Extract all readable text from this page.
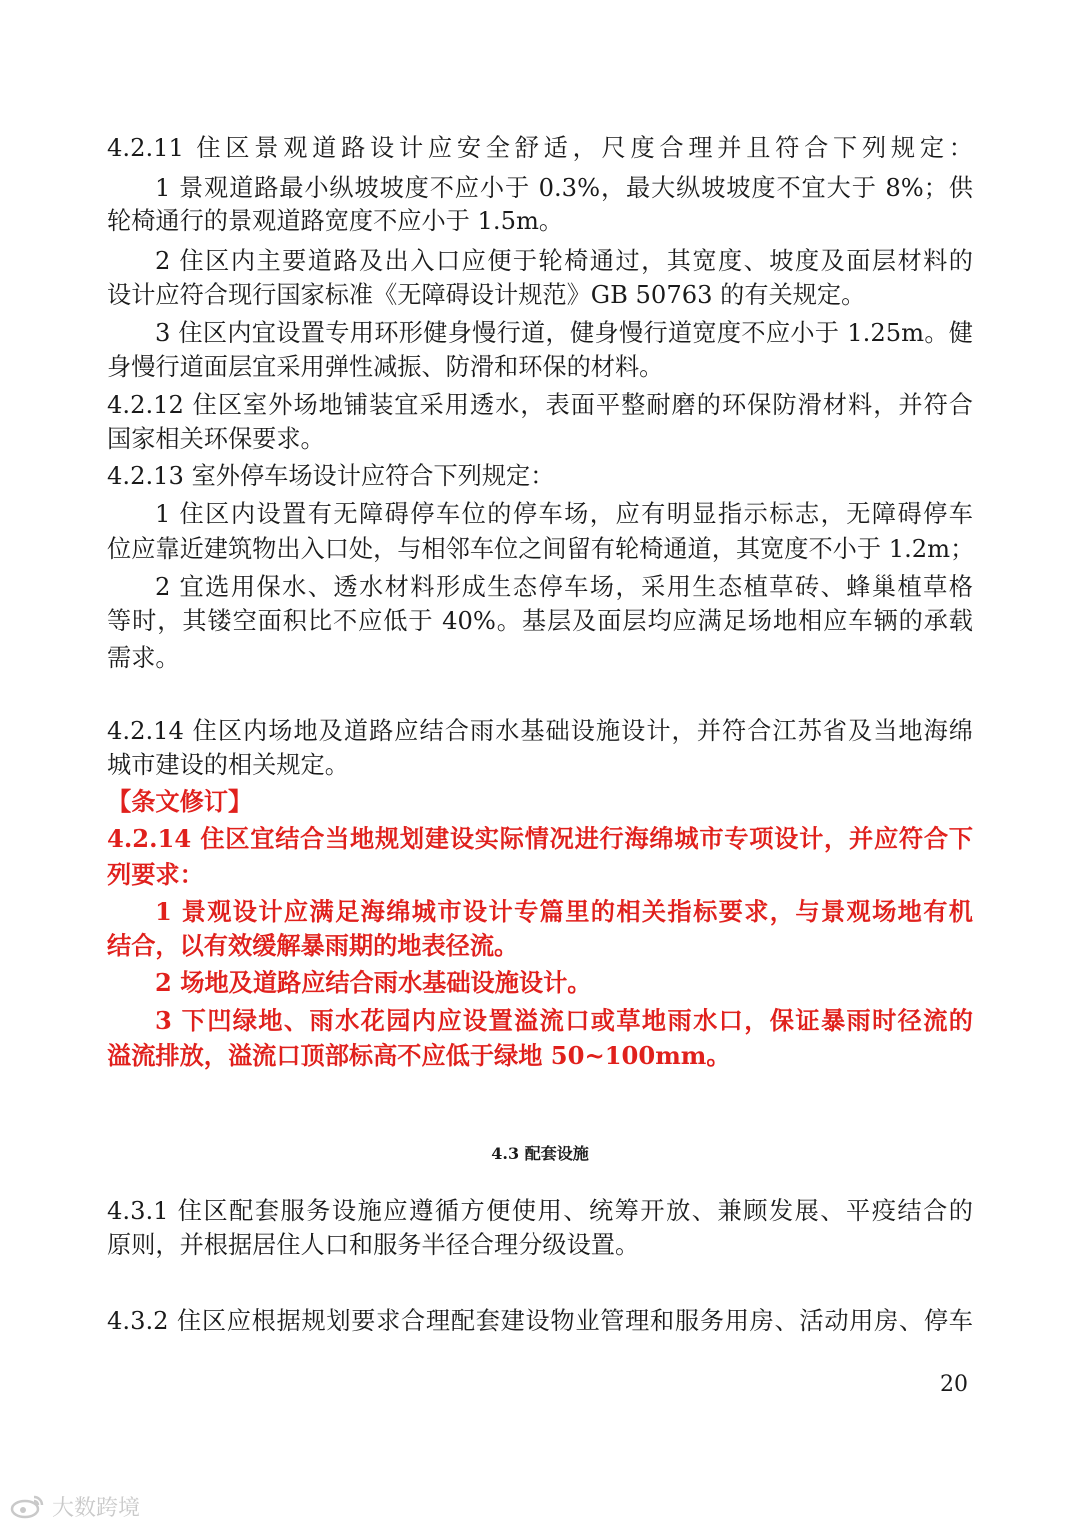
4.2.11 住区景观道路设计应安全舒适，尺度合理并且符合下列规定：
1 景观道路最小纵坡坡度不应小于 0.3%，最大纵坡坡度不宜大于 8%；供
轮椅通行的景观道路宽度不应小于 1.5m。
2 住区内主要道路及出入口应便于轮椅通过，其宽度、坡度及面层材料的
设计应符合现行国家标准《无障碍设计规范》GB 50763 的有关规定。
3 住区内宜设置专用环形健身慢行道，健身慢行道宽度不应小于 1.25m。健
身慢行道面层宜采用弹性减振、防滑和环保的材料。
4.2.12 住区室外场地铺装宜采用透水，表面平整耐磨的环保防滑材料，并符合
国家相关环保要求。
4.2.13 室外停车场设计应符合下列规定：
1 住区内设置有无障碍停车位的停车场，应有明显指示标志，无障碍停车
位应靠近建筑物出入口处，与相邻车位之间留有轮椅通道，其宽度不小于 1.2m；
2 宜选用保水、透水材料形成生态停车场，采用生态植草砖、蜂巢植草格
等时，其镂空面积比不应低于 40%。基层及面层均应满足场地相应车辆的承载
需求。
4.2.14 住区内场地及道路应结合雨水基础设施设计，并符合江苏省及当地海绵
城市建设的相关规定。
【条文修订】
4.2.14 住区宜结合当地规划建设实际情况进行海绵城市专项设计，并应符合下
列要求：
1 景观设计应满足海绵城市设计专篇里的相关指标要求，与景观场地有机
结合，以有效缓解暴雨期的地表径流。
2 场地及道路应结合雨水基础设施设计。
3 下凹绿地、雨水花园内应设置溢流口或草地雨水口，保证暴雨时径流的
溢流排放，溢流口顶部标高不应低于绿地 50~100mm。
4.3 配套设施
4.3.1 住区配套服务设施应遵循方便使用、统筹开放、兼顾发展、平疫结合的
原则，并根据居住人口和服务半径合理分级设置。
4.3.2 住区应根据规划要求合理配套建设物业管理和服务用房、活动用房、停车
20
大数跨境
